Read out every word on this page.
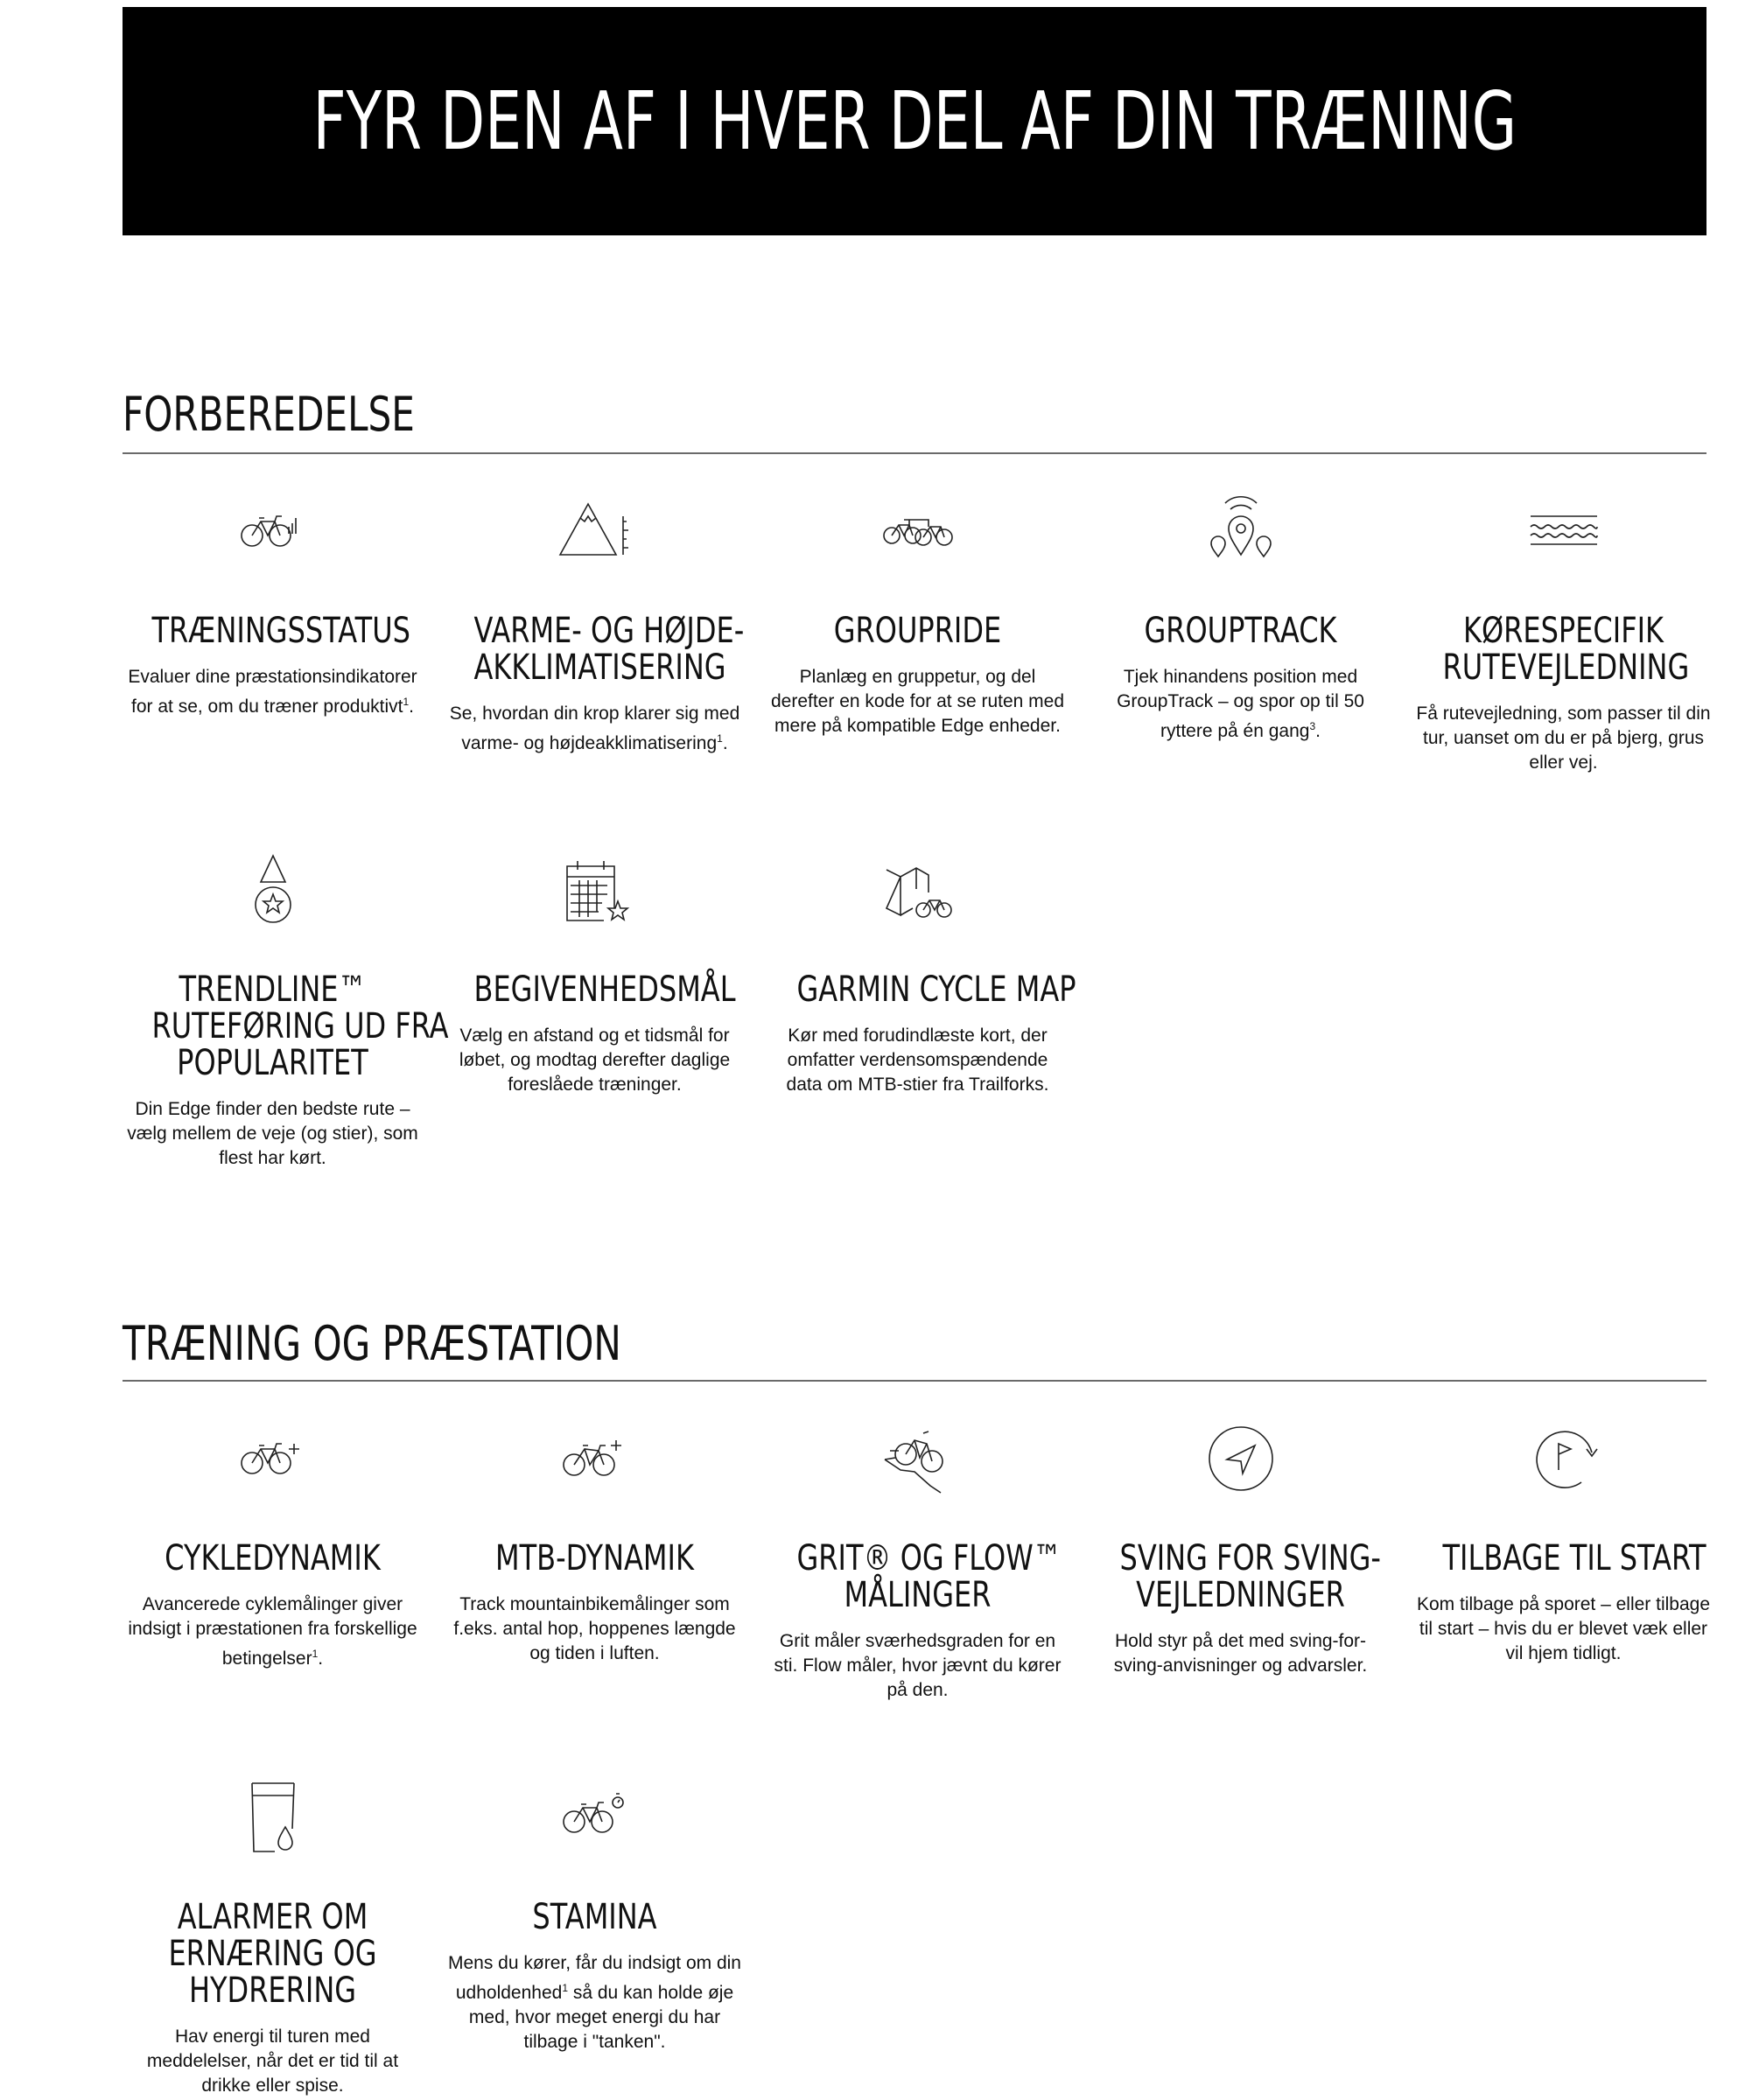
FYR DEN AF I HVER DEL AF DIN TRÆNING
FORBEREDELSE
TRÆNINGSSTATUS

Evaluer dine præstationsindikatorer
for at se, om du træner produktivt$^1$.

VARME- OG HØJDE-
AKKLIMATISERING

Se, hvordan din krop klarer sig med
varme- og højdeakklimatisering$^1$.

GROUPRIDE

Planlæg en gruppetur, og del
derefter en kode for at se ruten med
mere på kompatible Edge enheder.

GROUPTRACK

Tjek hinandens position med
GroupTrack – og spor op til 50
ryttere på én gang$^3$.

KØRESPECIFIK
RUTEVEJLEDNING

Få rutevejledning, som passer til din
tur, uanset om du er på bjerg, grus
eller vej.

TRENDLINE™
RUTEFØRING UD FRA
POPULARITET

Din Edge finder den bedste rute –
vælg mellem de veje (og stier), som
flest har kørt.

BEGIVENHEDSMÅL

Vælg en afstand og et tidsmål for
løbet, og modtag derefter daglige
foreslåede træninger.

GARMIN CYCLE MAP

Kør med forudindlæste kort, der
omfatter verdensomspændende
data om MTB-stier fra Trailforks.

TRÆNING OG PRÆSTATION
CYKLEDYNAMIK

Avancerede cyklemålinger giver
indsigt i præstationen fra forskellige
betingelser$^1$.

MTB-DYNAMIK

Track mountainbikemålinger som
f.eks. antal hop, hoppenes længde
og tiden i luften.

GRIT® OG FLOW™
MÅLINGER

Grit måler sværhedsgraden for en
sti. Flow måler, hvor jævnt du kører
på den.

SVING FOR SVING-
VEJLEDNINGER

Hold styr på det med sving-for-
sving-anvisninger og advarsler.

TILBAGE TIL START

Kom tilbage på sporet – eller tilbage
til start – hvis du er blevet væk eller
vil hjem tidligt.

ALARMER OM
ERNÆRING OG
HYDRERING

Hav energi til turen med
meddelelser, når det er tid til at
drikke eller spise.

STAMINA

Mens du kører, får du indsigt om din
udholdenhed$^1$ så du kan holde øje
med, hvor meget energi du har
tilbage i "tanken".
